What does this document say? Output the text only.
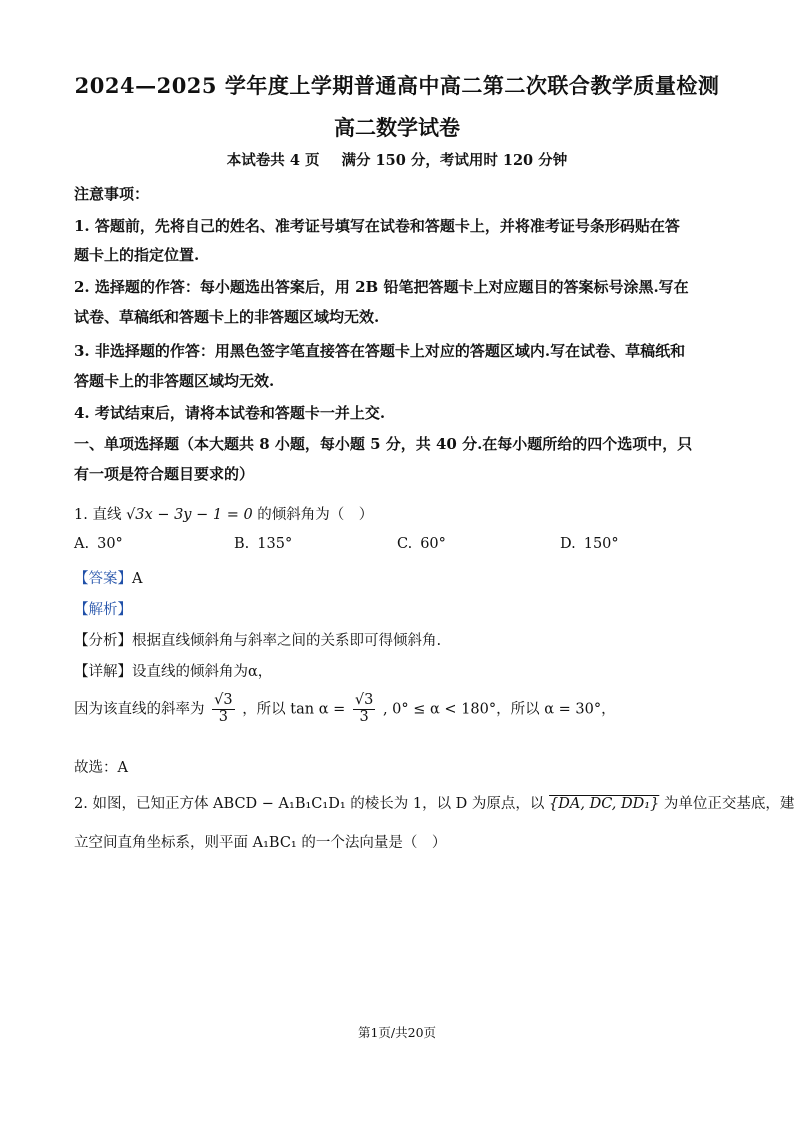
2024—2025 学年度上学期普通高中高二第二次联合教学质量检测
高二数学试卷
本试卷共 4 页 满分 150 分，考试用时 120 分钟
注意事项：
1. 答题前，先将自己的姓名、准考证号填写在试卷和答题卡上，并将准考证号条形码贴在答
题卡上的指定位置.
2. 选择题的作答：每小题选出答案后，用 2B 铅笔把答题卡上对应题目的答案标号涂黑.写在
试卷、草稿纸和答题卡上的非答题区域均无效.
3. 非选择题的作答：用黑色签字笔直接答在答题卡上对应的答题区域内.写在试卷、草稿纸和
答题卡上的非答题区域均无效.
4. 考试结束后，请将本试卷和答题卡一并上交.
一、单项选择题（本大题共 8 小题，每小题 5 分，共 40 分.在每小题所给的四个选项中，只
有一项是符合题目要求的）
1. 直线 √3x − 3y − 1 = 0 的倾斜角为（　）
A. 30°	B. 135°	C. 60°	D. 150°
【答案】A
【解析】
【分析】根据直线倾斜角与斜率之间的关系即可得倾斜角.
【详解】设直线的倾斜角为α，
因为该直线的斜率为 $\frac{√3}{3}$ ，所以 $\tan \alpha = \frac{√3}{3}$ , 0° ≤ α < 180°，所以 α = 30°，
故选：A
2. 如图，已知正方体 ABCD − A₁B₁C₁D₁ 的棱长为 1，以 D 为原点，以 {DA, DC, DD₁} 为单位正交基底，建
立空间直角坐标系，则平面 A₁BC₁ 的一个法向量是（　）
第1页/共20页
